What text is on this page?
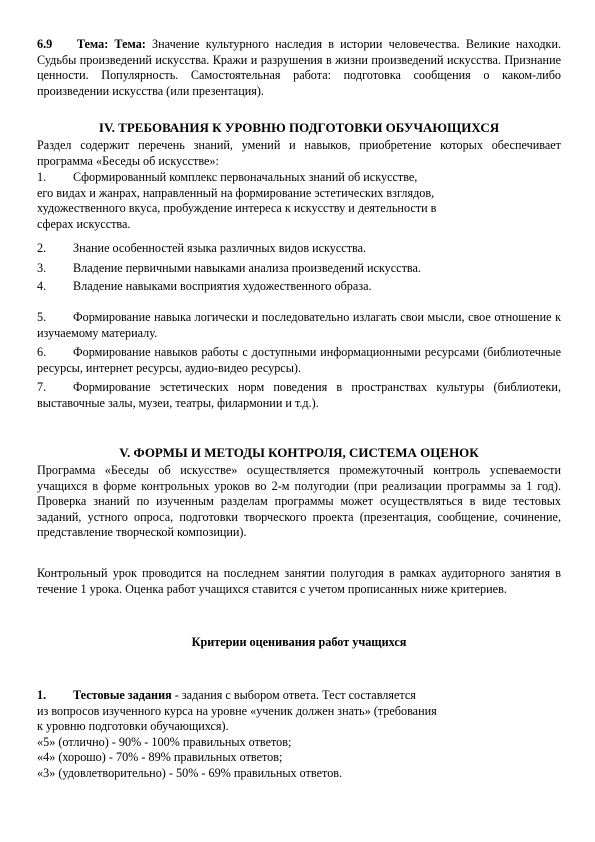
6.9 Тема: Тема: Значение культурного наследия в истории человечества. Великие находки. Судьбы произведений искусства. Кражи и разрушения в жизни произведений искусства. Признание ценности. Популярность. Самостоятельная работа: подготовка сообщения о каком-либо произведении искусства (или презентация).

IV. ТРЕБОВАНИЯ К УРОВНЮ ПОДГОТОВКИ ОБУЧАЮЩИХСЯ

Раздел содержит перечень знаний, умений и навыков, приобретение которых обеспечивает программа «Беседы об искусстве»:

1. Сформированный комплекс первоначальных знаний об искусстве,
его видах и жанрах, направленный на формирование эстетических взглядов,
художественного вкуса, пробуждение интереса к искусству и деятельности в
сферах искусства.
2. Знание особенностей языка различных видов искусства.
3. Владение первичными навыками анализа произведений искусства.
4. Владение навыками восприятия художественного образа.

5. Формирование навыка логически и последовательно излагать свои мысли, свое отношение к изучаемому материалу.

6. Формирование навыков работы с доступными информационными ресурсами (библиотечные ресурсы, интернет ресурсы, аудио-видео ресурсы).

7. Формирование эстетических норм поведения в пространствах культуры (библиотеки, выставочные залы, музеи, театры, филармонии и т.д.).

V. ФОРМЫ И МЕТОДЫ КОНТРОЛЯ, СИСТЕМА ОЦЕНОК

Программа «Беседы об искусстве» осуществляется промежуточный контроль успеваемости учащихся в форме контрольных уроков во 2-м полугодии (при реализации программы за 1 год). Проверка знаний по изученным разделам программы может осуществляться в виде тестовых заданий, устного опроса, подготовки творческого проекта (презентация, сообщение, сочинение, представление творческой композиции).

Контрольный урок проводится на последнем занятии полугодия в рамках аудиторного занятия в течение 1 урока. Оценка работ учащихся ставится с учетом прописанных ниже критериев.

Критерии оценивания работ учащихся
1. Тестовые задания - задания с выбором ответа. Тест составляется
из вопросов изученного курса на уровне «ученик должен знать» (требования
к уровню подготовки обучающихся).
«5» (отлично) - 90% - 100% правильных ответов;
«4» (хорошо) - 70% - 89% правильных ответов;
«3» (удовлетворительно) - 50% - 69% правильных ответов.
